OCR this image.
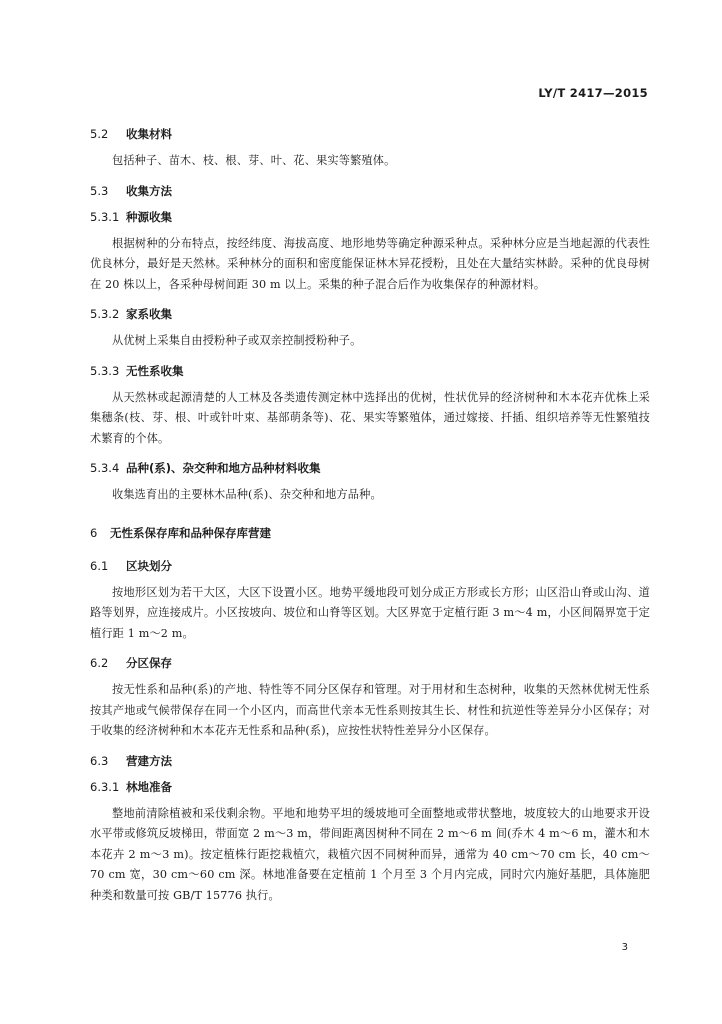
LY/T 2417—2015
5.2 收集材料

包括种子、苗木、枝、根、芽、叶、花、果实等繁殖体。

5.3 收集方法
5.3.1 种源收集

根据树种的分布特点，按经纬度、海拔高度、地形地势等确定种源采种点。采种林分应是当地起源的代表性优良林分，最好是天然林。采种林分的面积和密度能保证林木异花授粉，且处在大量结实林龄。采种的优良母树在 20 株以上，各采种母树间距 30 m 以上。采集的种子混合后作为收集保存的种源材料。

5.3.2 家系收集

从优树上采集自由授粉种子或双亲控制授粉种子。

5.3.3 无性系收集

从天然林或起源清楚的人工林及各类遗传测定林中选择出的优树，性状优异的经济树种和木本花卉优株上采集穗条(枝、芽、根、叶或针叶束、基部萌条等)、花、果实等繁殖体，通过嫁接、扦插、组织培养等无性繁殖技术繁育的个体。

5.3.4 品种(系)、杂交种和地方品种材料收集

收集选育出的主要林木品种(系)、杂交种和地方品种。

6 无性系保存库和品种保存库营建
6.1 区块划分

按地形区划为若干大区，大区下设置小区。地势平缓地段可划分成正方形或长方形；山区沿山脊或山沟、道路等划界，应连接成片。小区按坡向、坡位和山脊等区划。大区界宽于定植行距 3 m～4 m，小区间隔界宽于定植行距 1 m～2 m。

6.2 分区保存

按无性系和品种(系)的产地、特性等不同分区保存和管理。对于用材和生态树种，收集的天然林优树无性系按其产地或气候带保存在同一个小区内，而高世代亲本无性系则按其生长、材性和抗逆性等差异分小区保存；对于收集的经济树种和木本花卉无性系和品种(系)，应按性状特性差异分小区保存。

6.3 营建方法
6.3.1 林地准备

整地前清除植被和采伐剩余物。平地和地势平坦的缓坡地可全面整地或带状整地，坡度较大的山地要求开设水平带或修筑反坡梯田，带面宽 2 m～3 m，带间距离因树种不同在 2 m～6 m 间(乔木 4 m～6 m，灌木和木本花卉 2 m～3 m)。按定植株行距挖栽植穴，栽植穴因不同树种而异，通常为 40 cm～70 cm 长，40 cm～70 cm 宽，30 cm～60 cm 深。林地准备要在定植前 1 个月至 3 个月内完成，同时穴内施好基肥，具体施肥种类和数量可按 GB/T 15776 执行。

3
